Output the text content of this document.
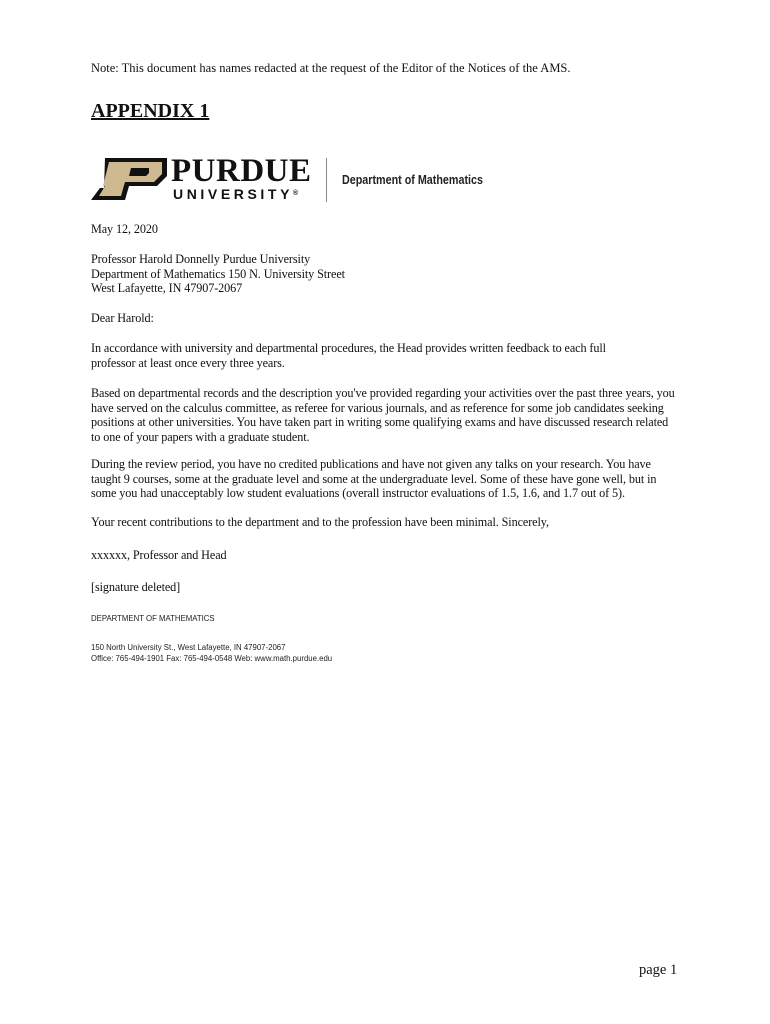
Note: This document has names redacted at the request of the Editor of the Notices of the AMS.
APPENDIX 1
PURDUE
UNIVERSITY®
Department of Mathematics
May 12, 2020
Professor Harold Donnelly Purdue University
Department of Mathematics 150 N. University Street
West Lafayette, IN 47907-2067
Dear Harold:
In accordance with university and departmental procedures, the Head provides written feedback to each full professor at least once every three years.
Based on departmental records and the description you've provided regarding your activities over the past three years, you have served on the calculus committee, as referee for various journals, and as reference for some job candidates seeking positions at other universities. You have taken part in writing some qualifying exams and have discussed research related to one of your papers with a graduate student.
During the review period, you have no credited publications and have not given any talks on your research. You have taught 9 courses, some at the graduate level and some at the undergraduate level. Some of these have gone well, but in some you had unacceptably low student evaluations (overall instructor evaluations of 1.5, 1.6, and 1.7 out of 5).
Your recent contributions to the department and to the profession have been minimal. Sincerely,
xxxxxx, Professor and Head
[signature deleted]
DEPARTMENT OF MATHEMATICS
150 North University St., West Lafayette, IN 47907-2067
Office: 765-494-1901 Fax: 765-494-0548 Web: www.math.purdue.edu
page 1
